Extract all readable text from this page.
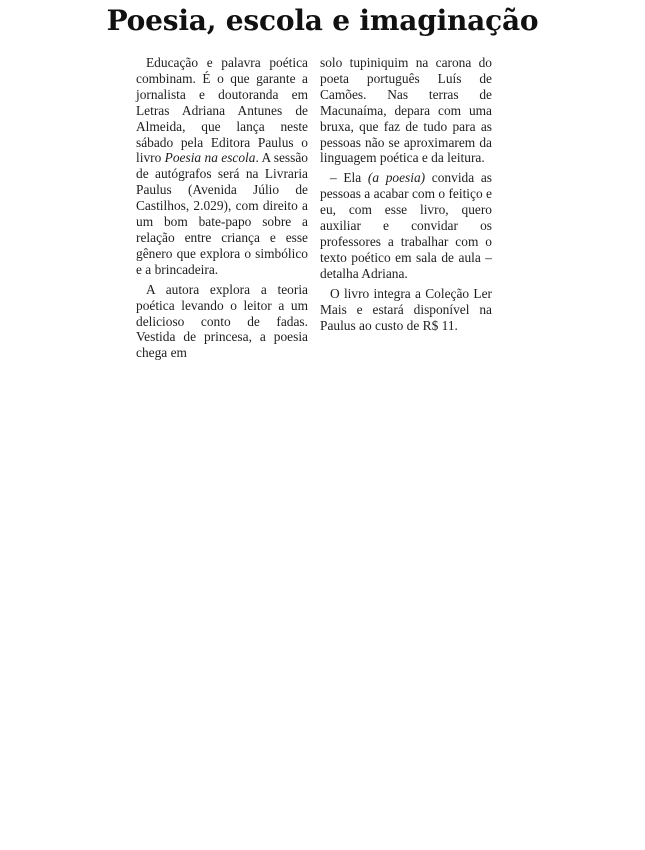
Poesia, escola e imaginação

Educação e palavra poética combinam. É o que garante a jornalista e doutoranda em Letras Adriana Antunes de Almeida, que lança neste sábado pela Editora Paulus o livro Poesia na escola. A sessão de autógrafos será na Livraria Paulus (Avenida Júlio de Castilhos, 2.029), com direito a um bom bate-papo sobre a relação entre criança e esse gênero que explora o simbólico e a brincadeira.

A autora explora a teoria poética levando o leitor a um delicioso conto de fadas. Vestida de princesa, a poesia chega em

solo tupiniquim na carona do poeta português Luís de Camões. Nas terras de Macunaíma, depara com uma bruxa, que faz de tudo para as pessoas não se aproximarem da linguagem poética e da leitura.

– Ela (a poesia) convida as pessoas a acabar com o feitiço e eu, com esse livro, quero auxiliar e convidar os professores a trabalhar com o texto poético em sala de aula – detalha Adriana.

O livro integra a Coleção Ler Mais e estará disponível na Paulus ao custo de R$ 11.
